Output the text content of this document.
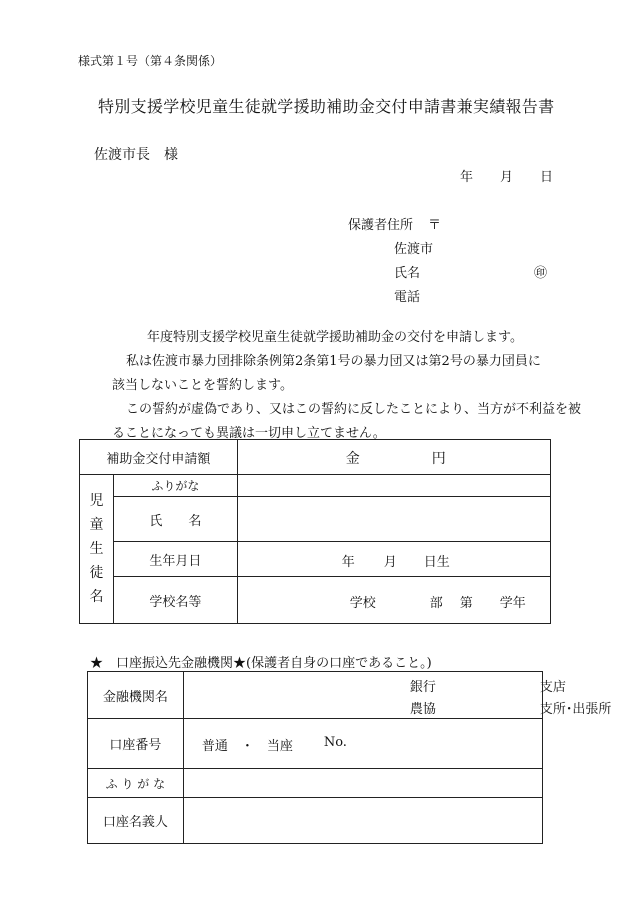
様式第１号（第４条関係）
特別支援学校児童生徒就学援助補助金交付申請書兼実績報告書
佐渡市長　様
年 月 日
保護者住所 〒
佐渡市
氏名	㊞
電話
年度特別支援学校児童生徒就学援助補助金の交付を申請します。
私は佐渡市暴力団排除条例第2条第1号の暴力団又は第2号の暴力団員に
該当しないことを誓約します。
この誓約が虚偽であり、又はこの誓約に反したことにより、当方が不利益を被
ることになっても異議は一切申し立てません。
補助金交付申請額		金 円

児
童
生
徒
名	ふりがな	
	氏　　名	
	生年月日	年 月 日生

	学校名等	学校 部 第 学年
★　口座振込先金融機関★(保護者自身の口座であること。)
金融機関名	銀行 支店
農協 支所･出張所

口座番号	普通　・　当座 No.

ふ り が な	
口座名義人	
